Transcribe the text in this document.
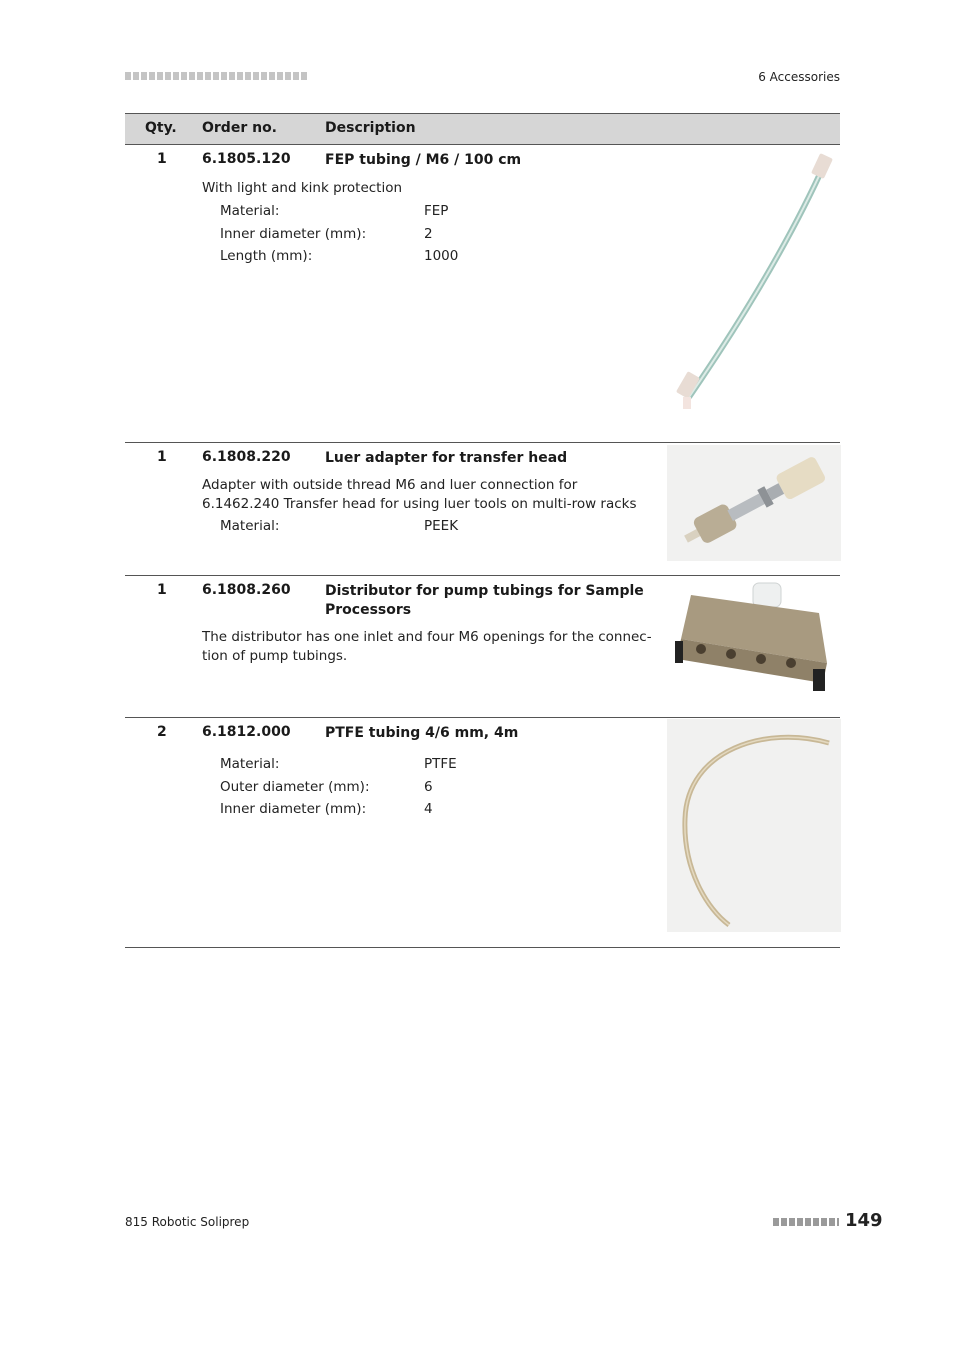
6 Accessories
Qty. Order no.	Description
1	6.1805.120 FEP tubing / M6 / 100 cm
With light and kink protection
Material:	FEP
Inner diameter (mm):	2
Length (mm):	1000
1	6.1808.220 Luer adapter for transfer head
Adapter with outside thread M6 and luer connection for 6.1462.240 Transfer head for using luer tools on multi-row racks
Material:	PEEK
1	6.1808.260 Distributor for pump tubings for Sample Processors
The distributor has one inlet and four M6 openings for the connec-tion of pump tubings.
2	6.1812.000 PTFE tubing 4/6 mm, 4m
Material:	PTFE
Outer diameter (mm):	6
Inner diameter (mm):	4
815 Robotic Soliprep	149
